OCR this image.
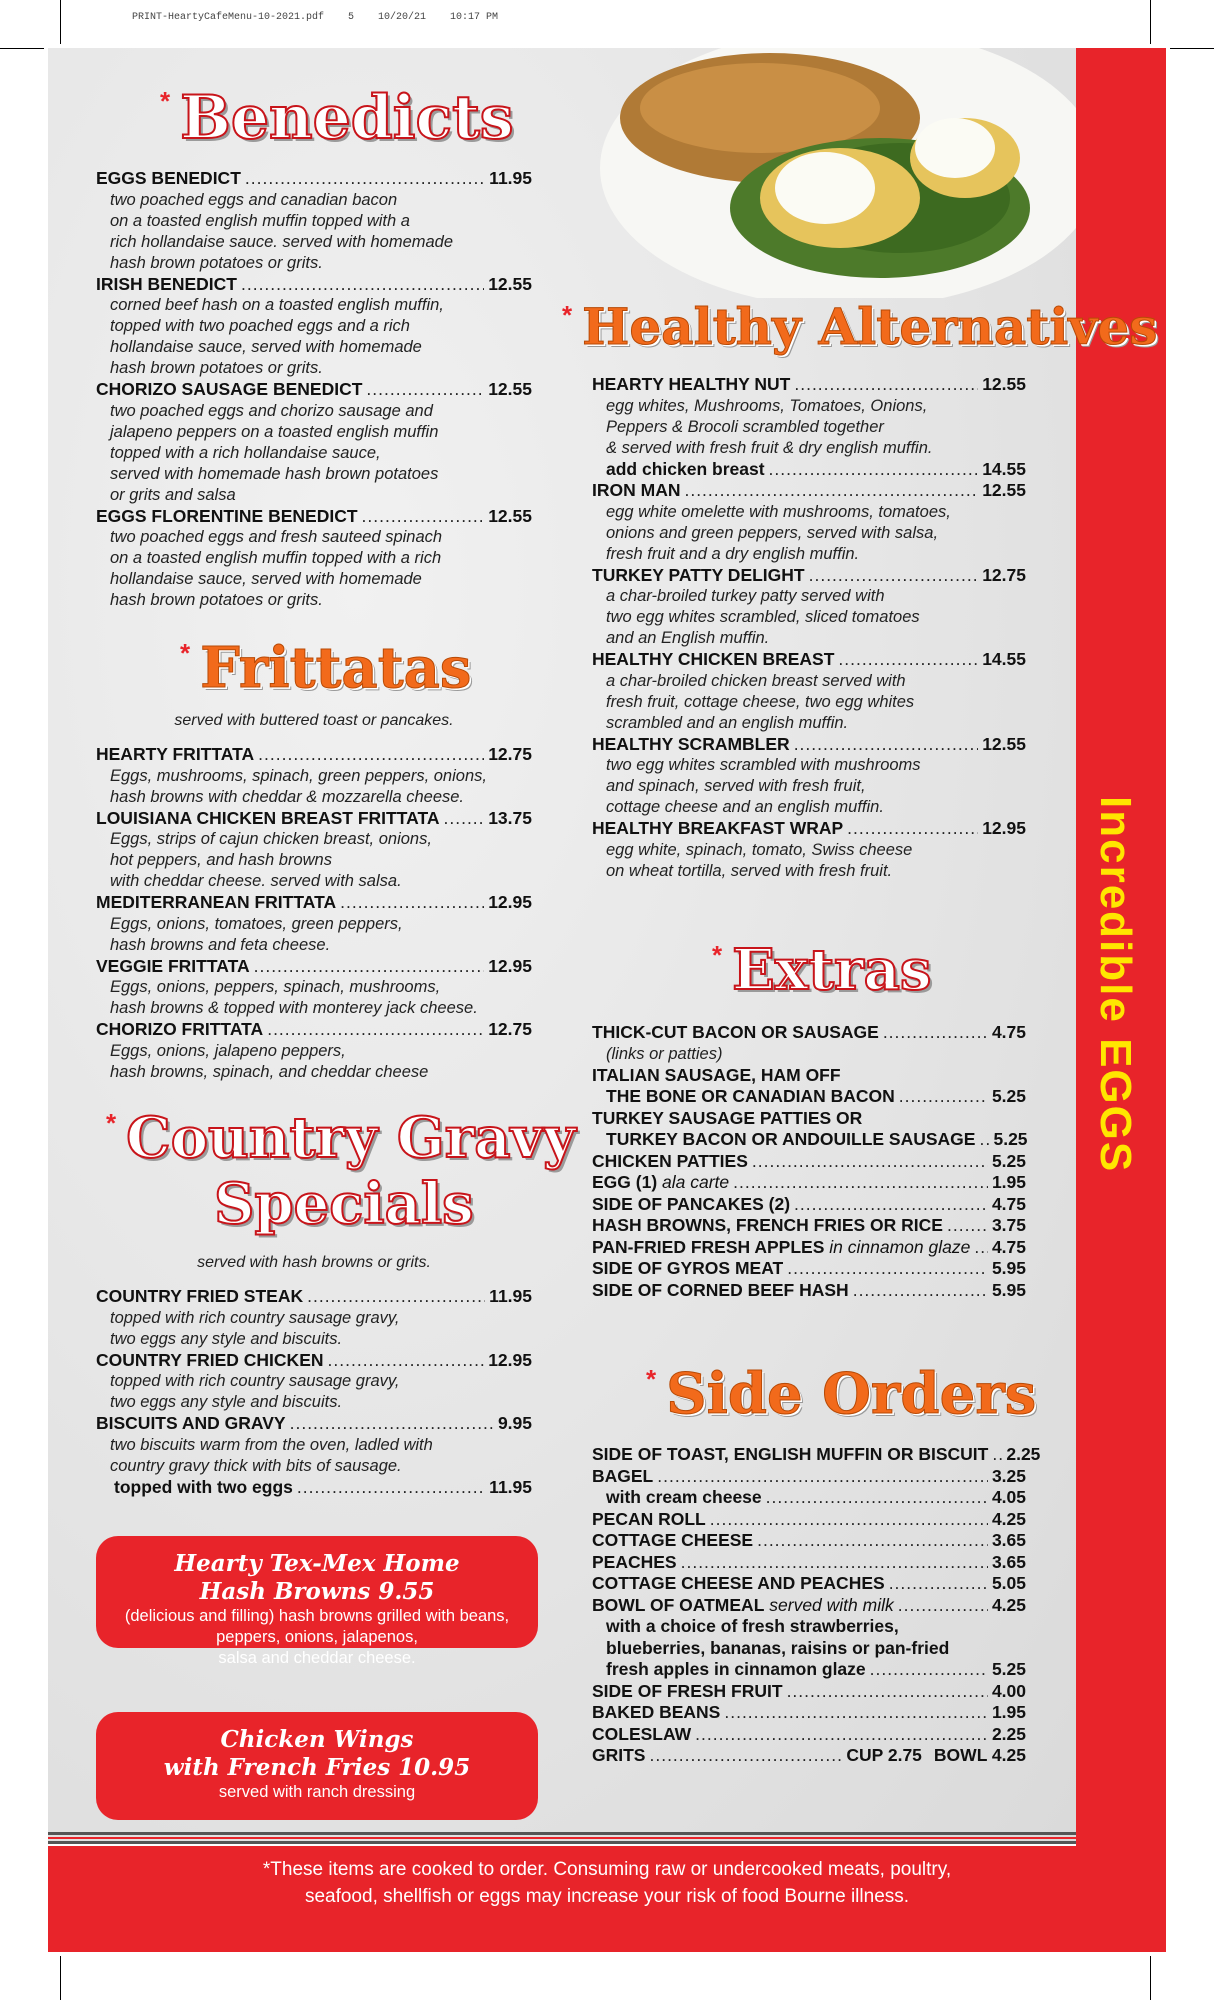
PRINT-HeartyCafeMenu-10-2021.pdf    5    10/20/21    10:17 PM
Incredible EGGS
* Benedicts
EGGS BENEDICT .....	11.95
two poached eggs and canadian bacon
on a toasted english muffin topped with a
rich hollandaise sauce. served with homemade
hash brown potatoes or grits.
IRISH BENEDICT .....	12.55
corned beef hash on a toasted english muffin,
topped with two poached eggs and a rich
hollandaise sauce, served with homemade
hash brown potatoes or grits.
CHORIZO SAUSAGE BENEDICT .....	12.55
two poached eggs and chorizo sausage and
jalapeno peppers on a toasted english muffin
topped with a rich hollandaise sauce,
served with homemade hash brown potatoes
or grits and salsa
EGGS FLORENTINE BENEDICT .....	12.55
two poached eggs and fresh sauteed spinach
on a toasted english muffin topped with a rich
hollandaise sauce, served with homemade
hash brown potatoes or grits.
* Frittatas
served with buttered toast or pancakes.
HEARTY FRITTATA .....	12.75
Eggs, mushrooms, spinach, green peppers, onions,
hash browns with cheddar & mozzarella cheese.
LOUISIANA CHICKEN BREAST FRITTATA .....	13.75
Eggs, strips of cajun chicken breast, onions,
hot peppers, and hash browns
with cheddar cheese. served with salsa.
MEDITERRANEAN FRITTATA .....	12.95
Eggs, onions, tomatoes, green peppers,
hash browns and feta cheese.
VEGGIE FRITTATA .....	12.95
Eggs, onions, peppers, spinach, mushrooms,
hash browns & topped with monterey jack cheese.
CHORIZO FRITTATA .....	12.75
Eggs, onions, jalapeno peppers,
hash browns, spinach, and cheddar cheese
* Country Gravy
Specials
served with hash browns or grits.
COUNTRY FRIED STEAK .....	11.95
topped with rich country sausage gravy,
two eggs any style and biscuits.
COUNTRY FRIED CHICKEN .....	12.95
topped with rich country sausage gravy,
two eggs any style and biscuits.
BISCUITS AND GRAVY .....	9.95
two biscuits warm from the oven, ladled with
country gravy thick with bits of sausage.
topped with two eggs .....	11.95
Hearty Tex-Mex Home
Hash Browns 9.55
(delicious and filling) hash browns grilled with beans,
peppers, onions, jalapenos,
salsa and cheddar cheese.
Chicken Wings
with French Fries 10.95
served with ranch dressing
* Healthy Alternatives
HEARTY HEALTHY NUT .....	12.55
egg whites, Mushrooms, Tomatoes, Onions,
Peppers & Brocoli scrambled together
& served with fresh fruit & dry english muffin.
add chicken breast .....	14.55
IRON MAN .....	12.55
egg white omelette with mushrooms, tomatoes,
onions and green peppers, served with salsa,
fresh fruit and a dry english muffin.
TURKEY PATTY DELIGHT .....	12.75
a char-broiled turkey patty served with
two egg whites scrambled, sliced tomatoes
and an English muffin.
HEALTHY CHICKEN BREAST .....	14.55
a char-broiled chicken breast served with
fresh fruit, cottage cheese, two egg whites
scrambled and an english muffin.
HEALTHY SCRAMBLER .....	12.55
two egg whites scrambled with mushrooms
and spinach, served with fresh fruit,
cottage cheese and an english muffin.
HEALTHY BREAKFAST WRAP .....	12.95
egg white, spinach, tomato, Swiss cheese
on wheat tortilla, served with fresh fruit.
* Extras
THICK-CUT BACON OR SAUSAGE .....	4.75
(links or patties)
ITALIAN SAUSAGE, HAM OFF
THE BONE OR CANADIAN BACON .....	5.25
TURKEY SAUSAGE PATTIES OR
TURKEY BACON OR ANDOUILLE SAUSAGE ..... 5.25
CHICKEN PATTIES .....	5.25
EGG (1)
ala carte .....	1.95
SIDE OF PANCAKES (2) .....	4.75
HASH BROWNS, FRENCH FRIES OR RICE .....	3.75
PAN-FRIED FRESH APPLES
in cinnamon glaze ..... 4.75
SIDE OF GYROS MEAT .....	5.95
SIDE OF CORNED BEEF HASH .....	5.95
* Side Orders
SIDE OF TOAST, ENGLISH MUFFIN OR BISCUIT ..... 2.25
BAGEL .....	3.25
with cream cheese .....	4.05
PECAN ROLL .....	4.25
COTTAGE CHEESE .....	3.65
PEACHES .....	3.65
COTTAGE CHEESE AND PEACHES .....	5.05
BOWL OF OATMEAL
served with milk .....	4.25
with a choice of fresh strawberries,
blueberries, bananas, raisins or pan-fried
fresh apples in cinnamon glaze .....	5.25
SIDE OF FRESH FRUIT .....	4.00
BAKED BEANS .....	1.95
COLESLAW .....	2.25
GRITS .....	CUP 2.75 BOWL 4.25
*These items are cooked to order. Consuming raw or undercooked meats, poultry,
seafood, shellfish or eggs may increase your risk of food Bourne illness.
